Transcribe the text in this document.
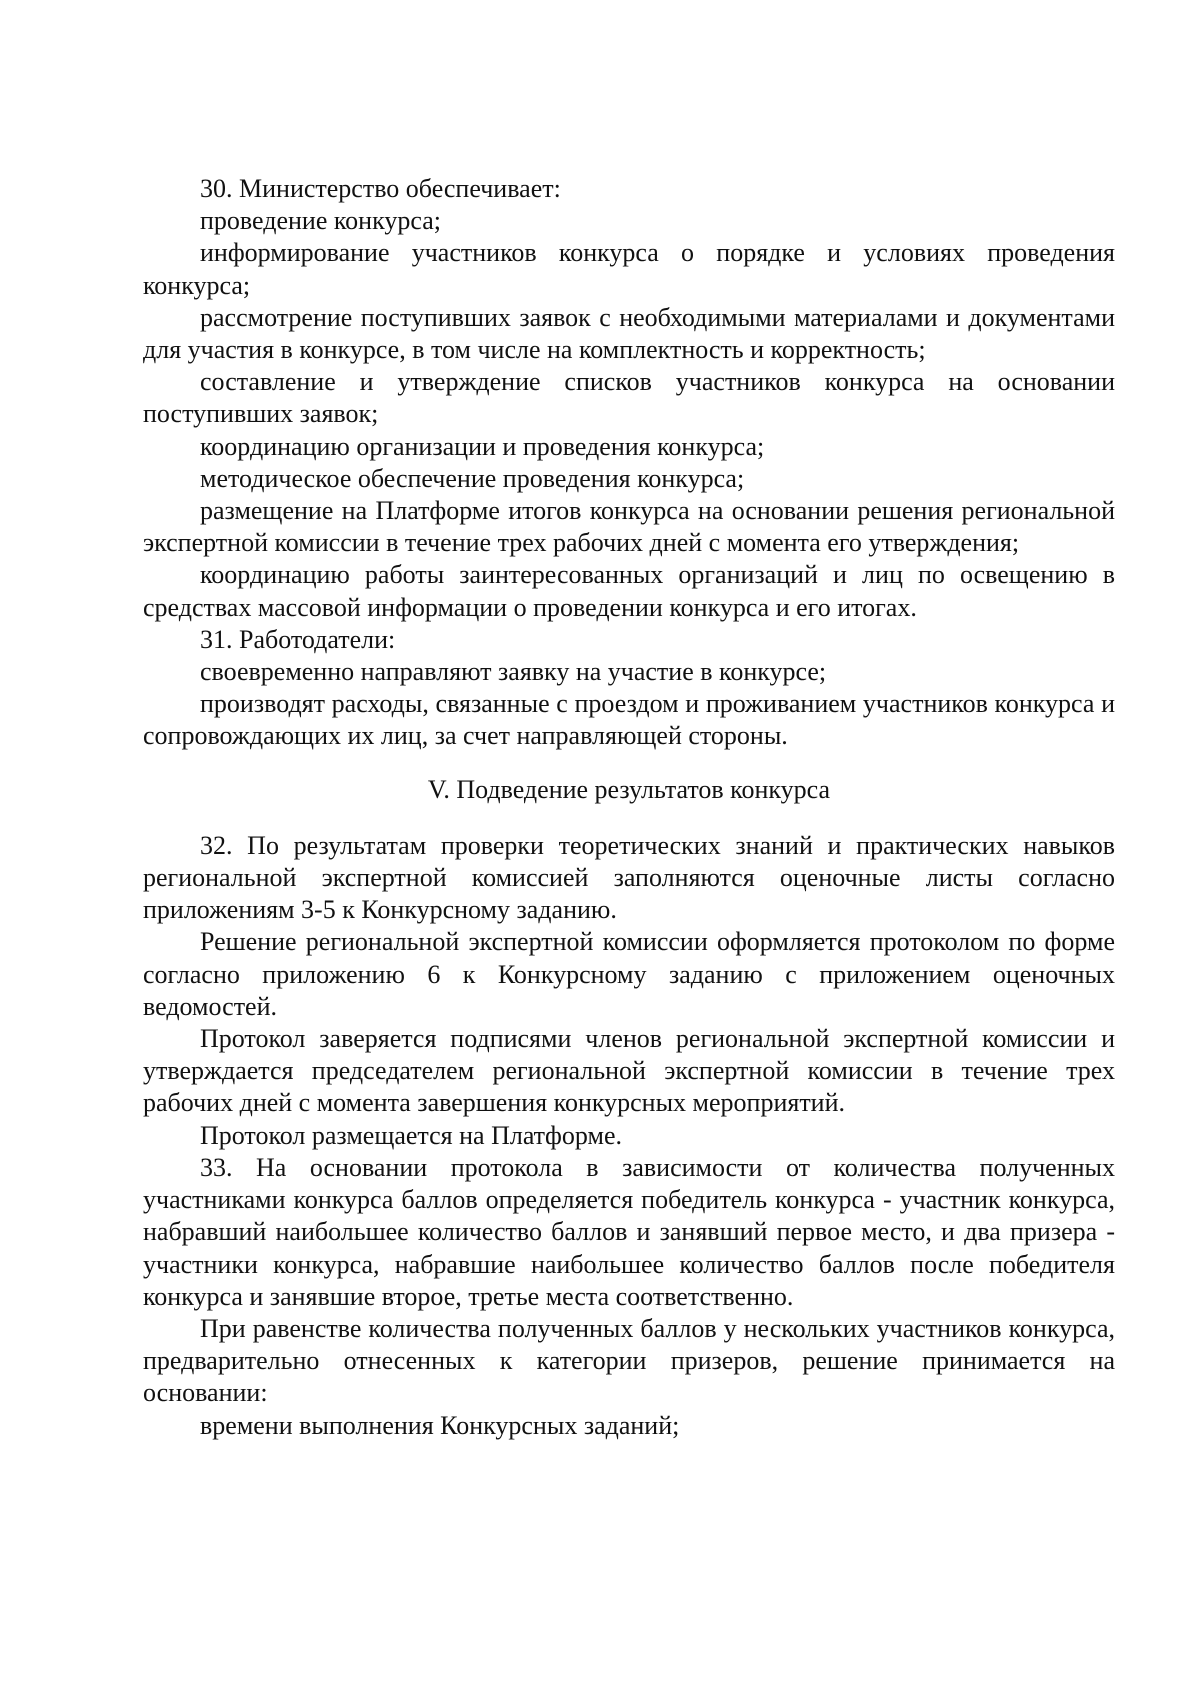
30. Министерство обеспечивает:

проведение конкурса;

информирование участников конкурса о порядке и условиях проведения конкурса;

рассмотрение поступивших заявок с необходимыми материалами и документами для участия в конкурсе, в том числе на комплектность и корректность;

составление и утверждение списков участников конкурса на основании поступивших заявок;

координацию организации и проведения конкурса;

методическое обеспечение проведения конкурса;

размещение на Платформе итогов конкурса на основании решения региональной экспертной комиссии в течение трех рабочих дней с момента его утверждения;

координацию работы заинтересованных организаций и лиц по освещению в средствах массовой информации о проведении конкурса и его итогах.

31. Работодатели:

своевременно направляют заявку на участие в конкурсе;

производят расходы, связанные с проездом и проживанием участников конкурса и сопровождающих их лиц, за счет направляющей стороны.

V. Подведение результатов конкурса

32. По результатам проверки теоретических знаний и практических навыков региональной экспертной комиссией заполняются оценочные листы согласно приложениям 3-5 к Конкурсному заданию.

Решение региональной экспертной комиссии оформляется протоколом по форме согласно приложению 6 к Конкурсному заданию с приложением оценочных ведомостей.

Протокол заверяется подписями членов региональной экспертной комиссии и утверждается председателем региональной экспертной комиссии в течение трех рабочих дней с момента завершения конкурсных мероприятий.

Протокол размещается на Платформе.

33. На основании протокола в зависимости от количества полученных участниками конкурса баллов определяется победитель конкурса - участник конкурса, набравший наибольшее количество баллов и занявший первое место, и два призера - участники конкурса, набравшие наибольшее количество баллов после победителя конкурса и занявшие второе, третье места соответственно.

При равенстве количества полученных баллов у нескольких участников конкурса, предварительно отнесенных к категории призеров, решение принимается на основании:

времени выполнения Конкурсных заданий;
